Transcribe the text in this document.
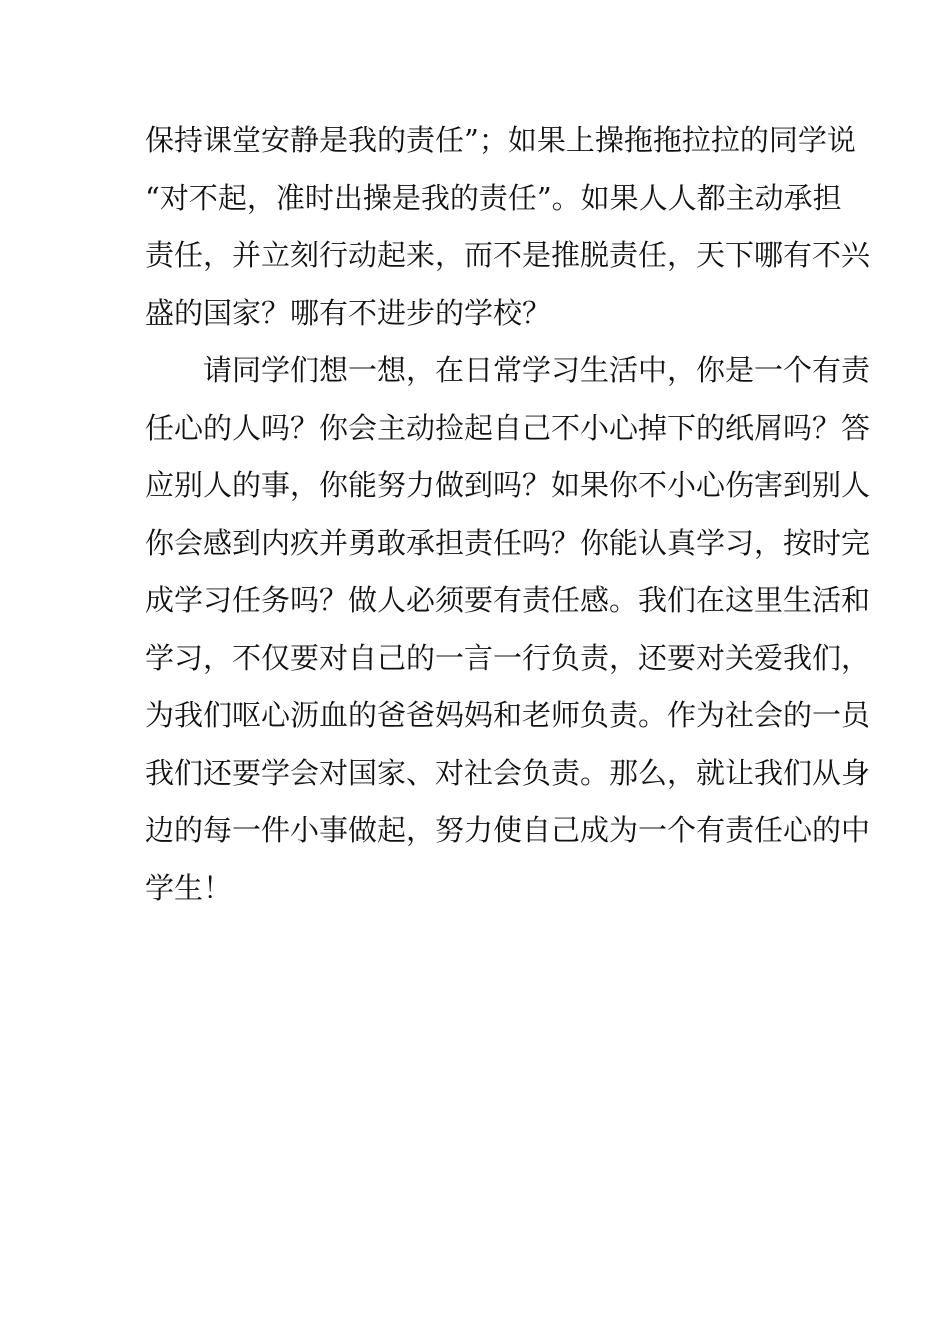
保持课堂安静是我的责任”；如果上操拖拖拉拉的同学说
“对不起，准时出操是我的责任”。如果人人都主动承担
责任，并立刻行动起来，而不是推脱责任，天下哪有不兴
盛的国家？哪有不进步的学校？
请同学们想一想，在日常学习生活中，你是一个有责
任心的人吗？你会主动捡起自己不小心掉下的纸屑吗？答
应别人的事，你能努力做到吗？如果你不小心伤害到别人
你会感到内疚并勇敢承担责任吗？你能认真学习，按时完
成学习任务吗？做人必须要有责任感。我们在这里生活和
学习，不仅要对自己的一言一行负责，还要对关爱我们，
为我们呕心沥血的爸爸妈妈和老师负责。作为社会的一员
我们还要学会对国家、对社会负责。那么，就让我们从身
边的每一件小事做起，努力使自己成为一个有责任心的中
学生！
